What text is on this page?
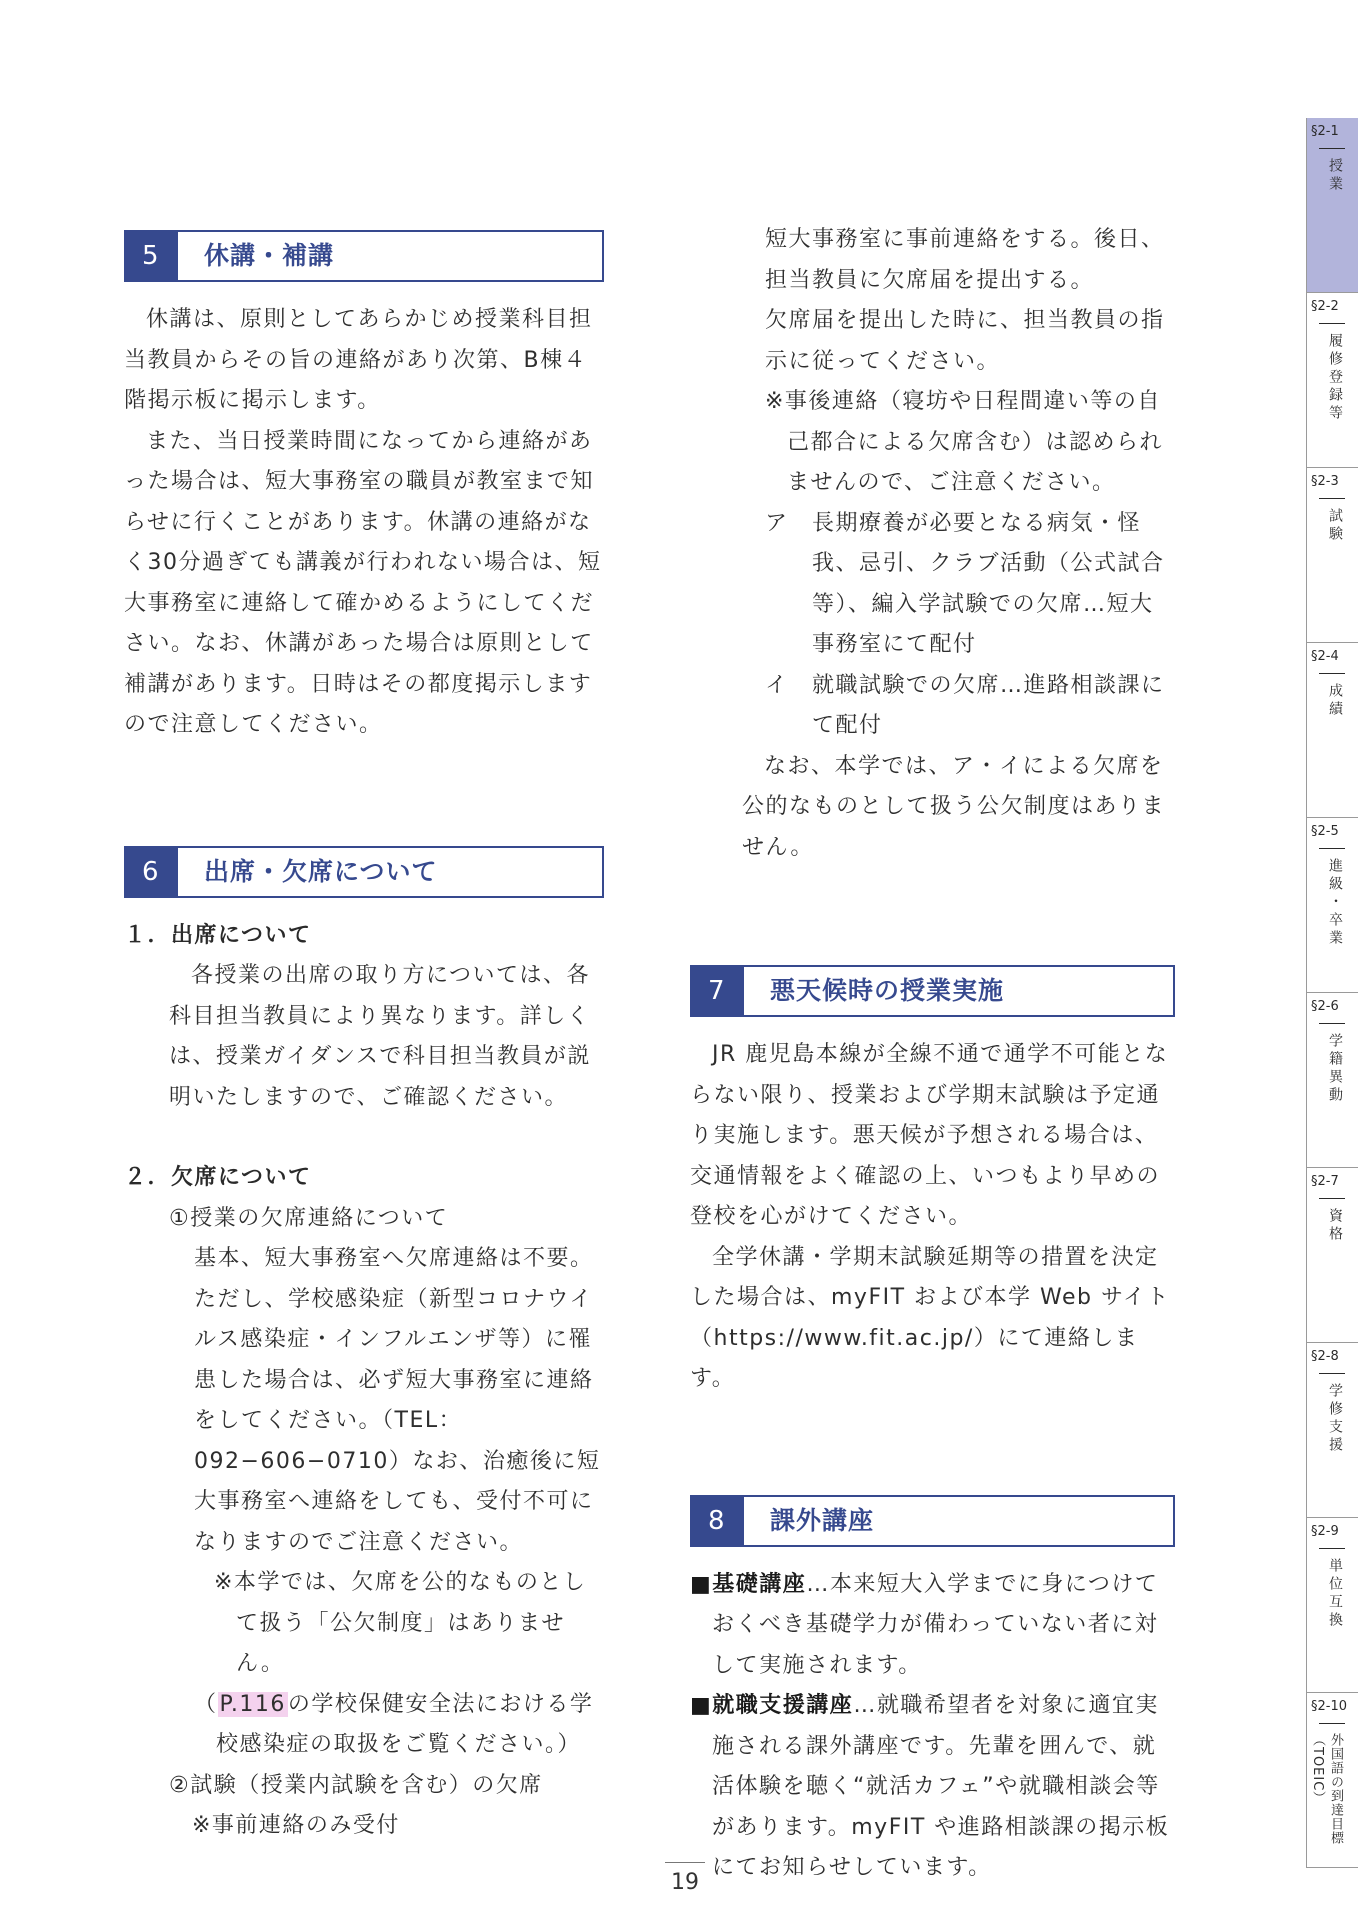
5	休講・補講

休講は、原則としてあらかじめ授業科目担当教員からその旨の連絡があり次第、B棟４階掲示板に掲示します。

また、当日授業時間になってから連絡があった場合は、短大事務室の職員が教室まで知らせに行くことがあります。休講の連絡がなく30分過ぎても講義が行われない場合は、短大事務室に連絡して確かめるようにしてください。なお、休講があった場合は原則として補講があります。日時はその都度掲示しますので注意してください。

6	出席・欠席について

１．出席について

各授業の出席の取り方については、各科目担当教員により異なります。詳しくは、授業ガイダンスで科目担当教員が説明いたしますので、ご確認ください。

２．欠席について

①授業の欠席連絡について

基本、短大事務室へ欠席連絡は不要。ただし、学校感染症（新型コロナウイルス感染症・インフルエンザ等）に罹患した場合は、必ず短大事務室に連絡をしてください。（TEL：092−606−0710）なお、治癒後に短大事務室へ連絡をしても、受付不可になりますのでご注意ください。

※本学では、欠席を公的なものとして扱う「公欠制度」はありません。

（P.116の学校保健安全法における学校感染症の取扱をご覧ください。）

②試験（授業内試験を含む）の欠席

※事前連絡のみ受付

短大事務室に事前連絡をする。後日、担当教員に欠席届を提出する。

欠席届を提出した時に、担当教員の指示に従ってください。

※事後連絡（寝坊や日程間違い等の自己都合による欠席含む）は認められませんので、ご注意ください。

ア	長期療養が必要となる病気・怪我、忌引、クラブ活動（公式試合等）、編入学試験での欠席…短大事務室にて配付
イ	就職試験での欠席…進路相談課にて配付

なお、本学では、ア・イによる欠席を公的なものとして扱う公欠制度はありません。

7	悪天候時の授業実施

JR 鹿児島本線が全線不通で通学不可能とならない限り、授業および学期末試験は予定通り実施します。悪天候が予想される場合は、交通情報をよく確認の上、いつもより早めの登校を心がけてください。

全学休講・学期末試験延期等の措置を決定した場合は、myFIT および本学 Web サイト（https://www.fit.ac.jp/）にて連絡します。

8	課外講座

■基礎講座…本来短大入学までに身につけておくべき基礎学力が備わっていない者に対して実施されます。

■就職支援講座…就職希望者を対象に適宜実施される課外講座です。先輩を囲んで、就活体験を聴く“就活カフェ”や就職相談会等があります。myFIT や進路相談課の掲示板にてお知らせしています。

19
§2-1
授業
§2-2
履修登録等
§2-3
試験
§2-4
成績
§2-5
進級・卒業
§2-6
学籍異動
§2-7
資格
§2-8
学修支援
§2-9
単位互換
§2-10
外国語の到達目標（TOEIC）
